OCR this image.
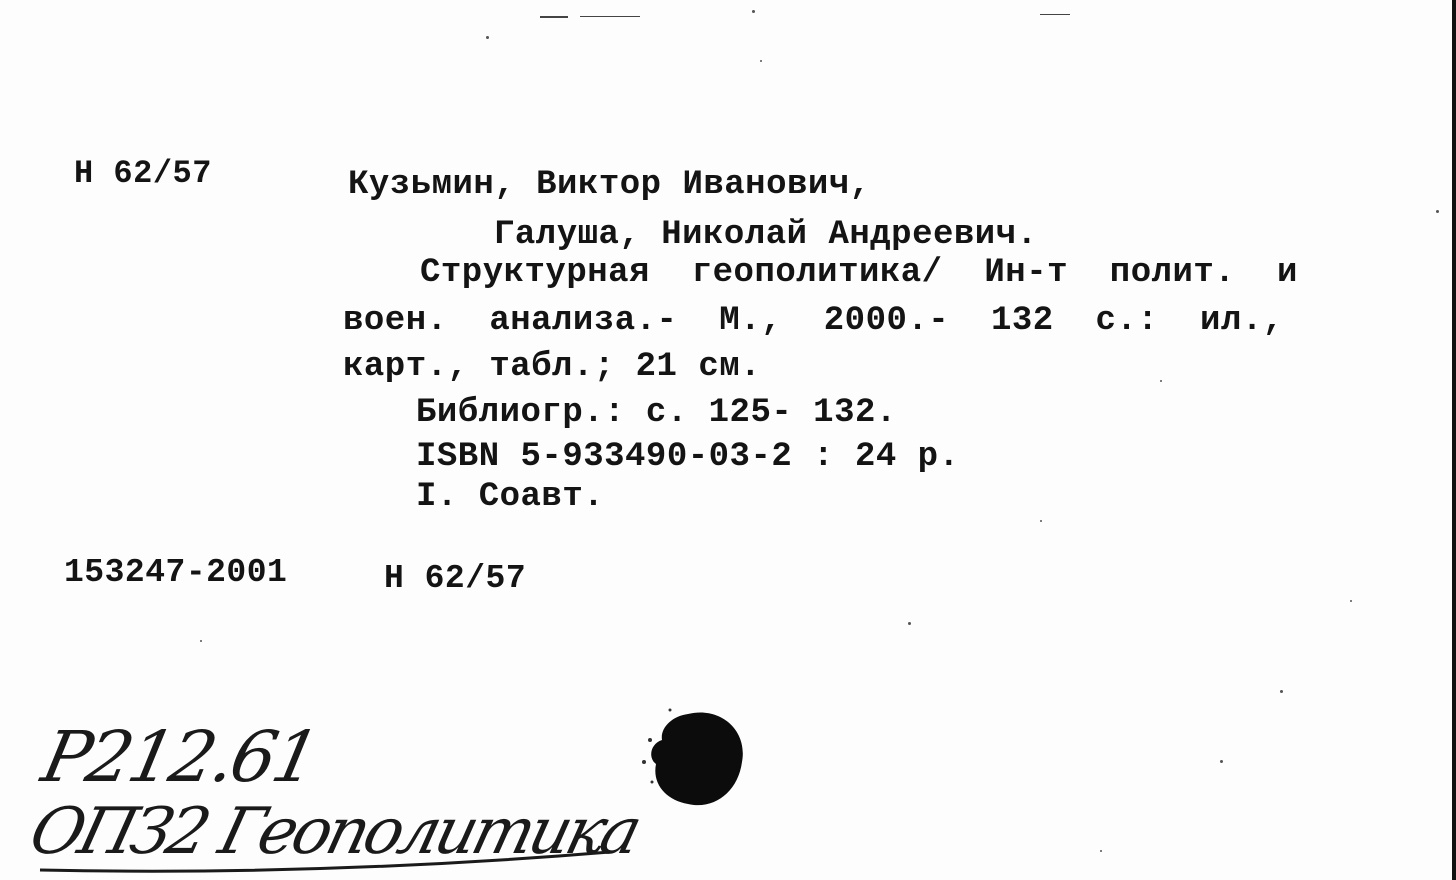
Н 62/57	Кузьмин, Виктор Иванович,
Галуша, Николай Андреевич.
Структурная  геополитика/  Ин-т  полит.  и
воен.  анализа.-  М.,  2000.-  132  с.:  ил.,
карт., табл.; 21 см.
Библиогр.: с. 125- 132.
ISBN 5-933490-03-2 : 24 р.
I. Соавт.
153247-2001	Н 62/57
Р212.61
ОПЗ2 Геополитика
